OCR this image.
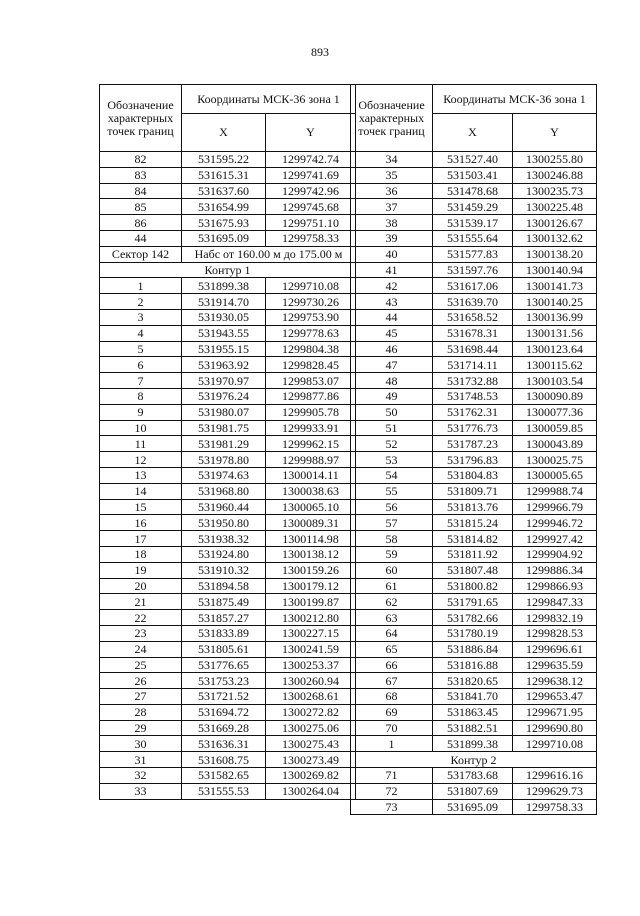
893
Обозначение характерных точек границ	Координаты МСК-36 зона 1	
	X	Y
82	531595.22	1299742.74
83	531615.31	1299741.69
84	531637.60	1299742.96
85	531654.99	1299745.68
86	531675.93	1299751.10
44	531695.09	1299758.33
Сектор 142	Набс от 160.00 м до 175.00 м	

Контур 1		
1	531899.38	1299710.08
2	531914.70	1299730.26
3	531930.05	1299753.90
4	531943.55	1299778.63
5	531955.15	1299804.38
6	531963.92	1299828.45
7	531970.97	1299853.07
8	531976.24	1299877.86
9	531980.07	1299905.78
10	531981.75	1299933.91
11	531981.29	1299962.15
12	531978.80	1299988.97
13	531974.63	1300014.11
14	531968.80	1300038.63
15	531960.44	1300065.10
16	531950.80	1300089.31
17	531938.32	1300114.98
18	531924.80	1300138.12
19	531910.32	1300159.26
20	531894.58	1300179.12
21	531875.49	1300199.87
22	531857.27	1300212.80
23	531833.89	1300227.15
24	531805.61	1300241.59
25	531776.65	1300253.37
26	531753.23	1300260.94
27	531721.52	1300268.61
28	531694.72	1300272.82
29	531669.28	1300275.06
30	531636.31	1300275.43
31	531608.75	1300273.49
32	531582.65	1300269.82
33	531555.53	1300264.04
Обозначение характерных точек границ	Координаты МСК-36 зона 1	
	X	Y
34	531527.40	1300255.80
35	531503.41	1300246.88
36	531478.68	1300235.73
37	531459.29	1300225.48
38	531539.17	1300126.67
39	531555.64	1300132.62
40	531577.83	1300138.20
41	531597.76	1300140.94
42	531617.06	1300141.73
43	531639.70	1300140.25
44	531658.52	1300136.99
45	531678.31	1300131.56
46	531698.44	1300123.64
47	531714.11	1300115.62
48	531732.88	1300103.54
49	531748.53	1300090.89
50	531762.31	1300077.36
51	531776.73	1300059.85
52	531787.23	1300043.89
53	531796.83	1300025.75
54	531804.83	1300005.65
55	531809.71	1299988.74
56	531813.76	1299966.79
57	531815.24	1299946.72
58	531814.82	1299927.42
59	531811.92	1299904.92
60	531807.48	1299886.34
61	531800.82	1299866.93
62	531791.65	1299847.33
63	531782.66	1299832.19
64	531780.19	1299828.53
65	531886.84	1299696.61
66	531816.88	1299635.59
67	531820.65	1299638.12
68	531841.70	1299653.47
69	531863.45	1299671.95
70	531882.51	1299690.80
1	531899.38	1299710.08
Контур 2		
71	531783.68	1299616.16
72	531807.69	1299629.73
73	531695.09	1299758.33
